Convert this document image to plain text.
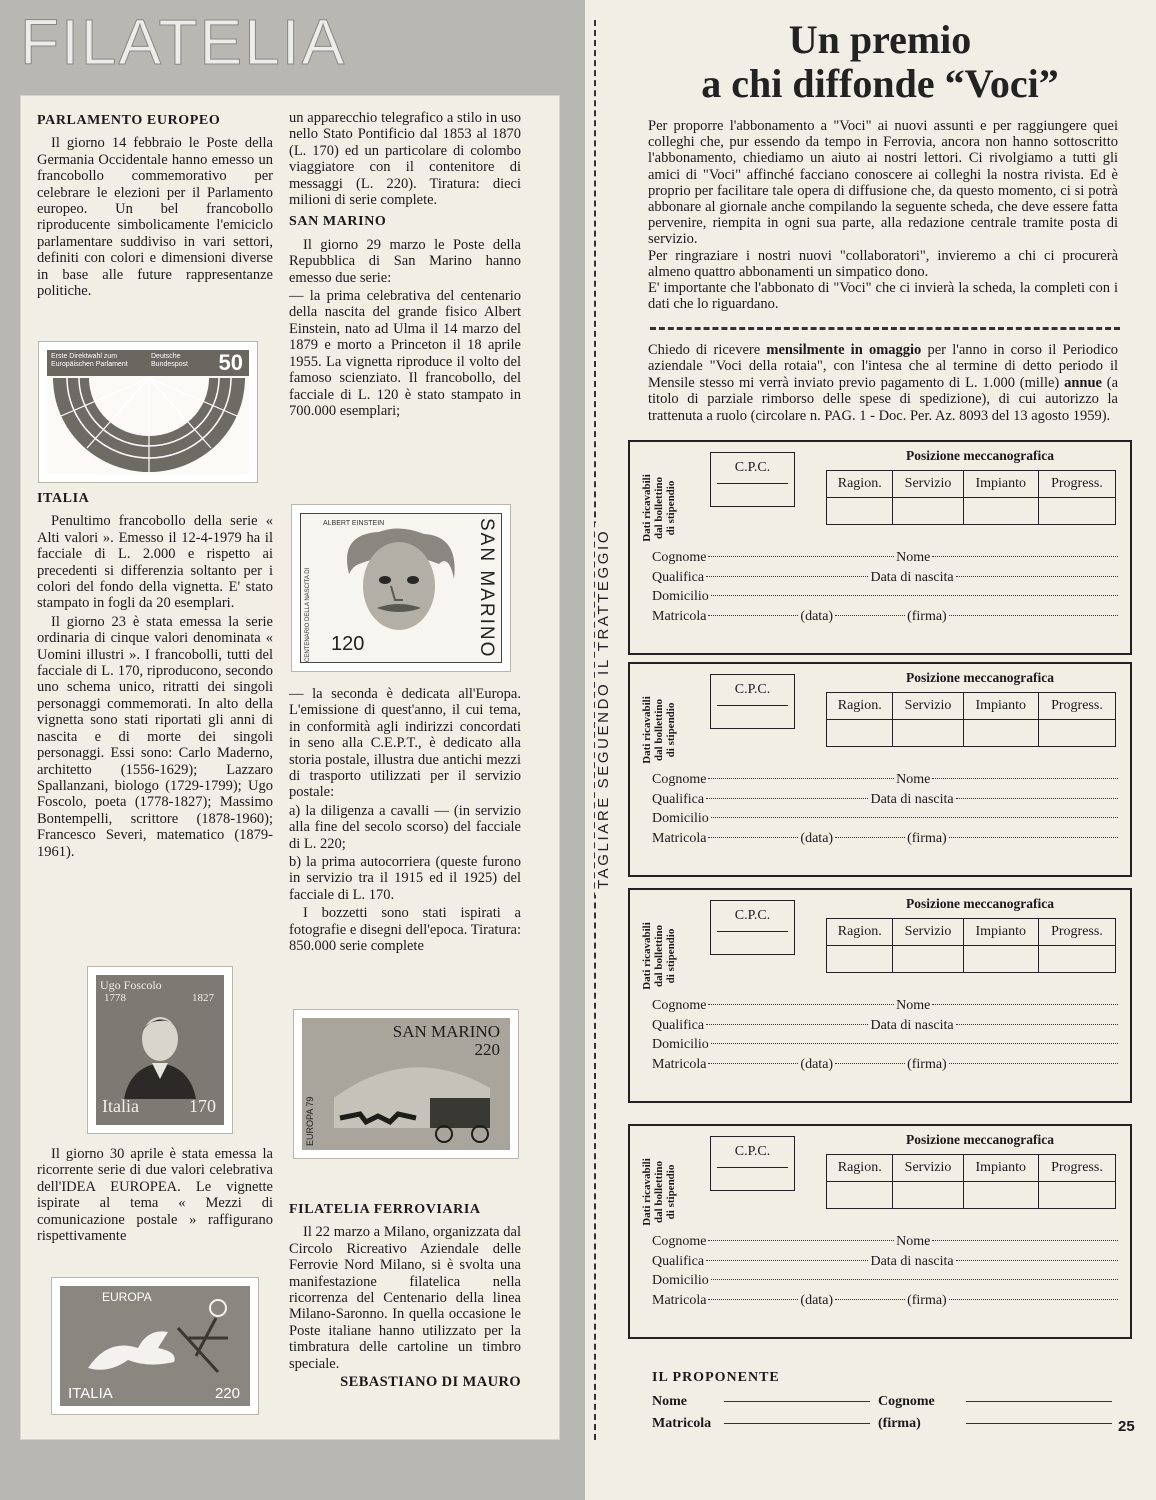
FILATELIA
PARLAMENTO EUROPEO

Il giorno 14 febbraio le Poste della Germania Occidentale hanno emesso un francobollo commemorativo per celebrare le elezioni per il Parlamento europeo. Un bel francobollo riproducente simbolicamente l'emiciclo parlamentare suddiviso in vari settori, definiti con colori e dimensioni diverse in base alle future rappresentanze politiche.

Erste Direktwahl zum
Europäischen Parlament
Deutsche
Bundespost 50
ITALIA

Penultimo francobollo della serie « Alti valori ». Emesso il 12-4-1979 ha il facciale di L. 2.000 e rispetto ai precedenti si differenzia soltanto per i colori del fondo della vignetta. E' stato stampato in fogli da 20 esemplari.

Il giorno 23 è stata emessa la serie ordinaria di cinque valori denominata « Uomini illustri ». I francobolli, tutti del facciale di L. 170, riproducono, secondo uno schema unico, ritratti dei singoli personaggi commemorati. In alto della vignetta sono stati riportati gli anni di nascita e di morte dei singoli personaggi. Essi sono: Carlo Maderno, architetto (1556-1629); Lazzaro Spallanzani, biologo (1729-1799); Ugo Foscolo, poeta (1778-1827); Massimo Bontempelli, scrittore (1878-1960); Francesco Severi, matematico (1879-1961).

Ugo Foscolo
1778	1827
Italia	170

Il giorno 30 aprile è stata emessa la ricorrente serie di due valori celebrativa dell'IDEA EUROPEA. Le vignette ispirate al tema « Mezzi di comunicazione postale » raffigurano rispettivamente

EUROPA
ITALIA	220

un apparecchio telegrafico a stilo in uso nello Stato Pontificio dal 1853 al 1870 (L. 170) ed un particolare di colombo viaggiatore con il contenitore di messaggi (L. 220). Tiratura: dieci milioni di serie complete.

SAN MARINO

Il giorno 29 marzo le Poste della Repubblica di San Marino hanno emesso due serie:

— la prima celebrativa del centenario della nascita del grande fisico Albert Einstein, nato ad Ulma il 14 marzo del 1879 e morto a Princeton il 18 aprile 1955. La vignetta riproduce il volto del famoso scienziato. Il francobollo, del facciale di L. 120 è stato stampato in 700.000 esemplari;

ALBERT EINSTEIN
CENTENARIO DELLA NASCITA DI 120	SAN MARINO

— la seconda è dedicata all'Europa. L'emissione di quest'anno, il cui tema, in conformità agli indirizzi concordati in seno alla C.E.P.T., è dedicato alla storia postale, illustra due antichi mezzi di trasporto utilizzati per il servizio postale:

a) la diligenza a cavalli — (in servizio alla fine del secolo scorso) del facciale di L. 220;

b) la prima autocorriera (queste furono in servizio tra il 1915 ed il 1925) del facciale di L. 170.

I bozzetti sono stati ispirati a fotografie e disegni dell'epoca. Tiratura: 850.000 serie complete

SAN MARINO
220
EUROPA 79
FILATELIA FERROVIARIA

Il 22 marzo a Milano, organizzata dal Circolo Ricreativo Aziendale delle Ferrovie Nord Milano, si è svolta una manifestazione filatelica nella ricorrenza del Centenario della linea Milano-Saronno. In quella occasione le Poste italiane hanno utilizzato per la timbratura delle cartoline un timbro speciale.

SEBASTIANO DI MAURO

TAGLIARE SEGUENDO IL TRATTEGGIO
Un premio
a chi diffonde “Voci”

Per proporre l'abbonamento a "Voci" ai nuovi assunti e per raggiungere quei colleghi che, pur essendo da tempo in Ferrovia, ancora non hanno sottoscritto l'abbonamento, chiediamo un aiuto ai nostri lettori. Ci rivolgiamo a tutti gli amici di "Voci" affinché facciano conoscere ai colleghi la nostra rivista. Ed è proprio per facilitare tale opera di diffusione che, da questo momento, ci si potrà abbonare al giornale anche compilando la seguente scheda, che deve essere fatta pervenire, riempita in ogni sua parte, alla redazione centrale tramite posta di servizio.

Per ringraziare i nostri nuovi "collaboratori", invieremo a chi ci procurerà almeno quattro abbonamenti un simpatico dono.

E' importante che l'abbonato di "Voci" che ci invierà la scheda, la completi con i dati che lo riguardano.

Chiedo di ricevere mensilmente in omaggio per l'anno in corso il Periodico aziendale "Voci della rotaia", con l'intesa che al termine di detto periodo il Mensile stesso mi verrà inviato previo pagamento di L. 1.000 (mille) annue (a titolo di parziale rimborso delle spese di spedizione), di cui autorizzo la trattenuta a ruolo (circolare n. PAG. 1 - Doc. Per. Az. 8093 del 13 agosto 1959).
Dati ricavabili
dal bollettino
di stipendio
C.P.C.
Posizione meccanografica
Ragion.	Servizio	Impianto	Progress.

Cognome	Nome
Qualifica	Data di nascita
Domicilio
Matricola	(data)	(firma)
Dati ricavabili
dal bollettino
di stipendio
C.P.C.
Posizione meccanografica
Ragion.	Servizio	Impianto	Progress.

Cognome	Nome
Qualifica	Data di nascita
Domicilio
Matricola	(data)	(firma)
Dati ricavabili
dal bollettino
di stipendio
C.P.C.
Posizione meccanografica
Ragion.	Servizio	Impianto	Progress.

Cognome	Nome
Qualifica	Data di nascita
Domicilio
Matricola	(data)	(firma)
Dati ricavabili
dal bollettino
di stipendio
C.P.C.
Posizione meccanografica
Ragion.	Servizio	Impianto	Progress.

Cognome	Nome
Qualifica	Data di nascita
Domicilio
Matricola	(data)	(firma)
IL PROPONENTE
Nome	Cognome
Matricola	(firma)	25
